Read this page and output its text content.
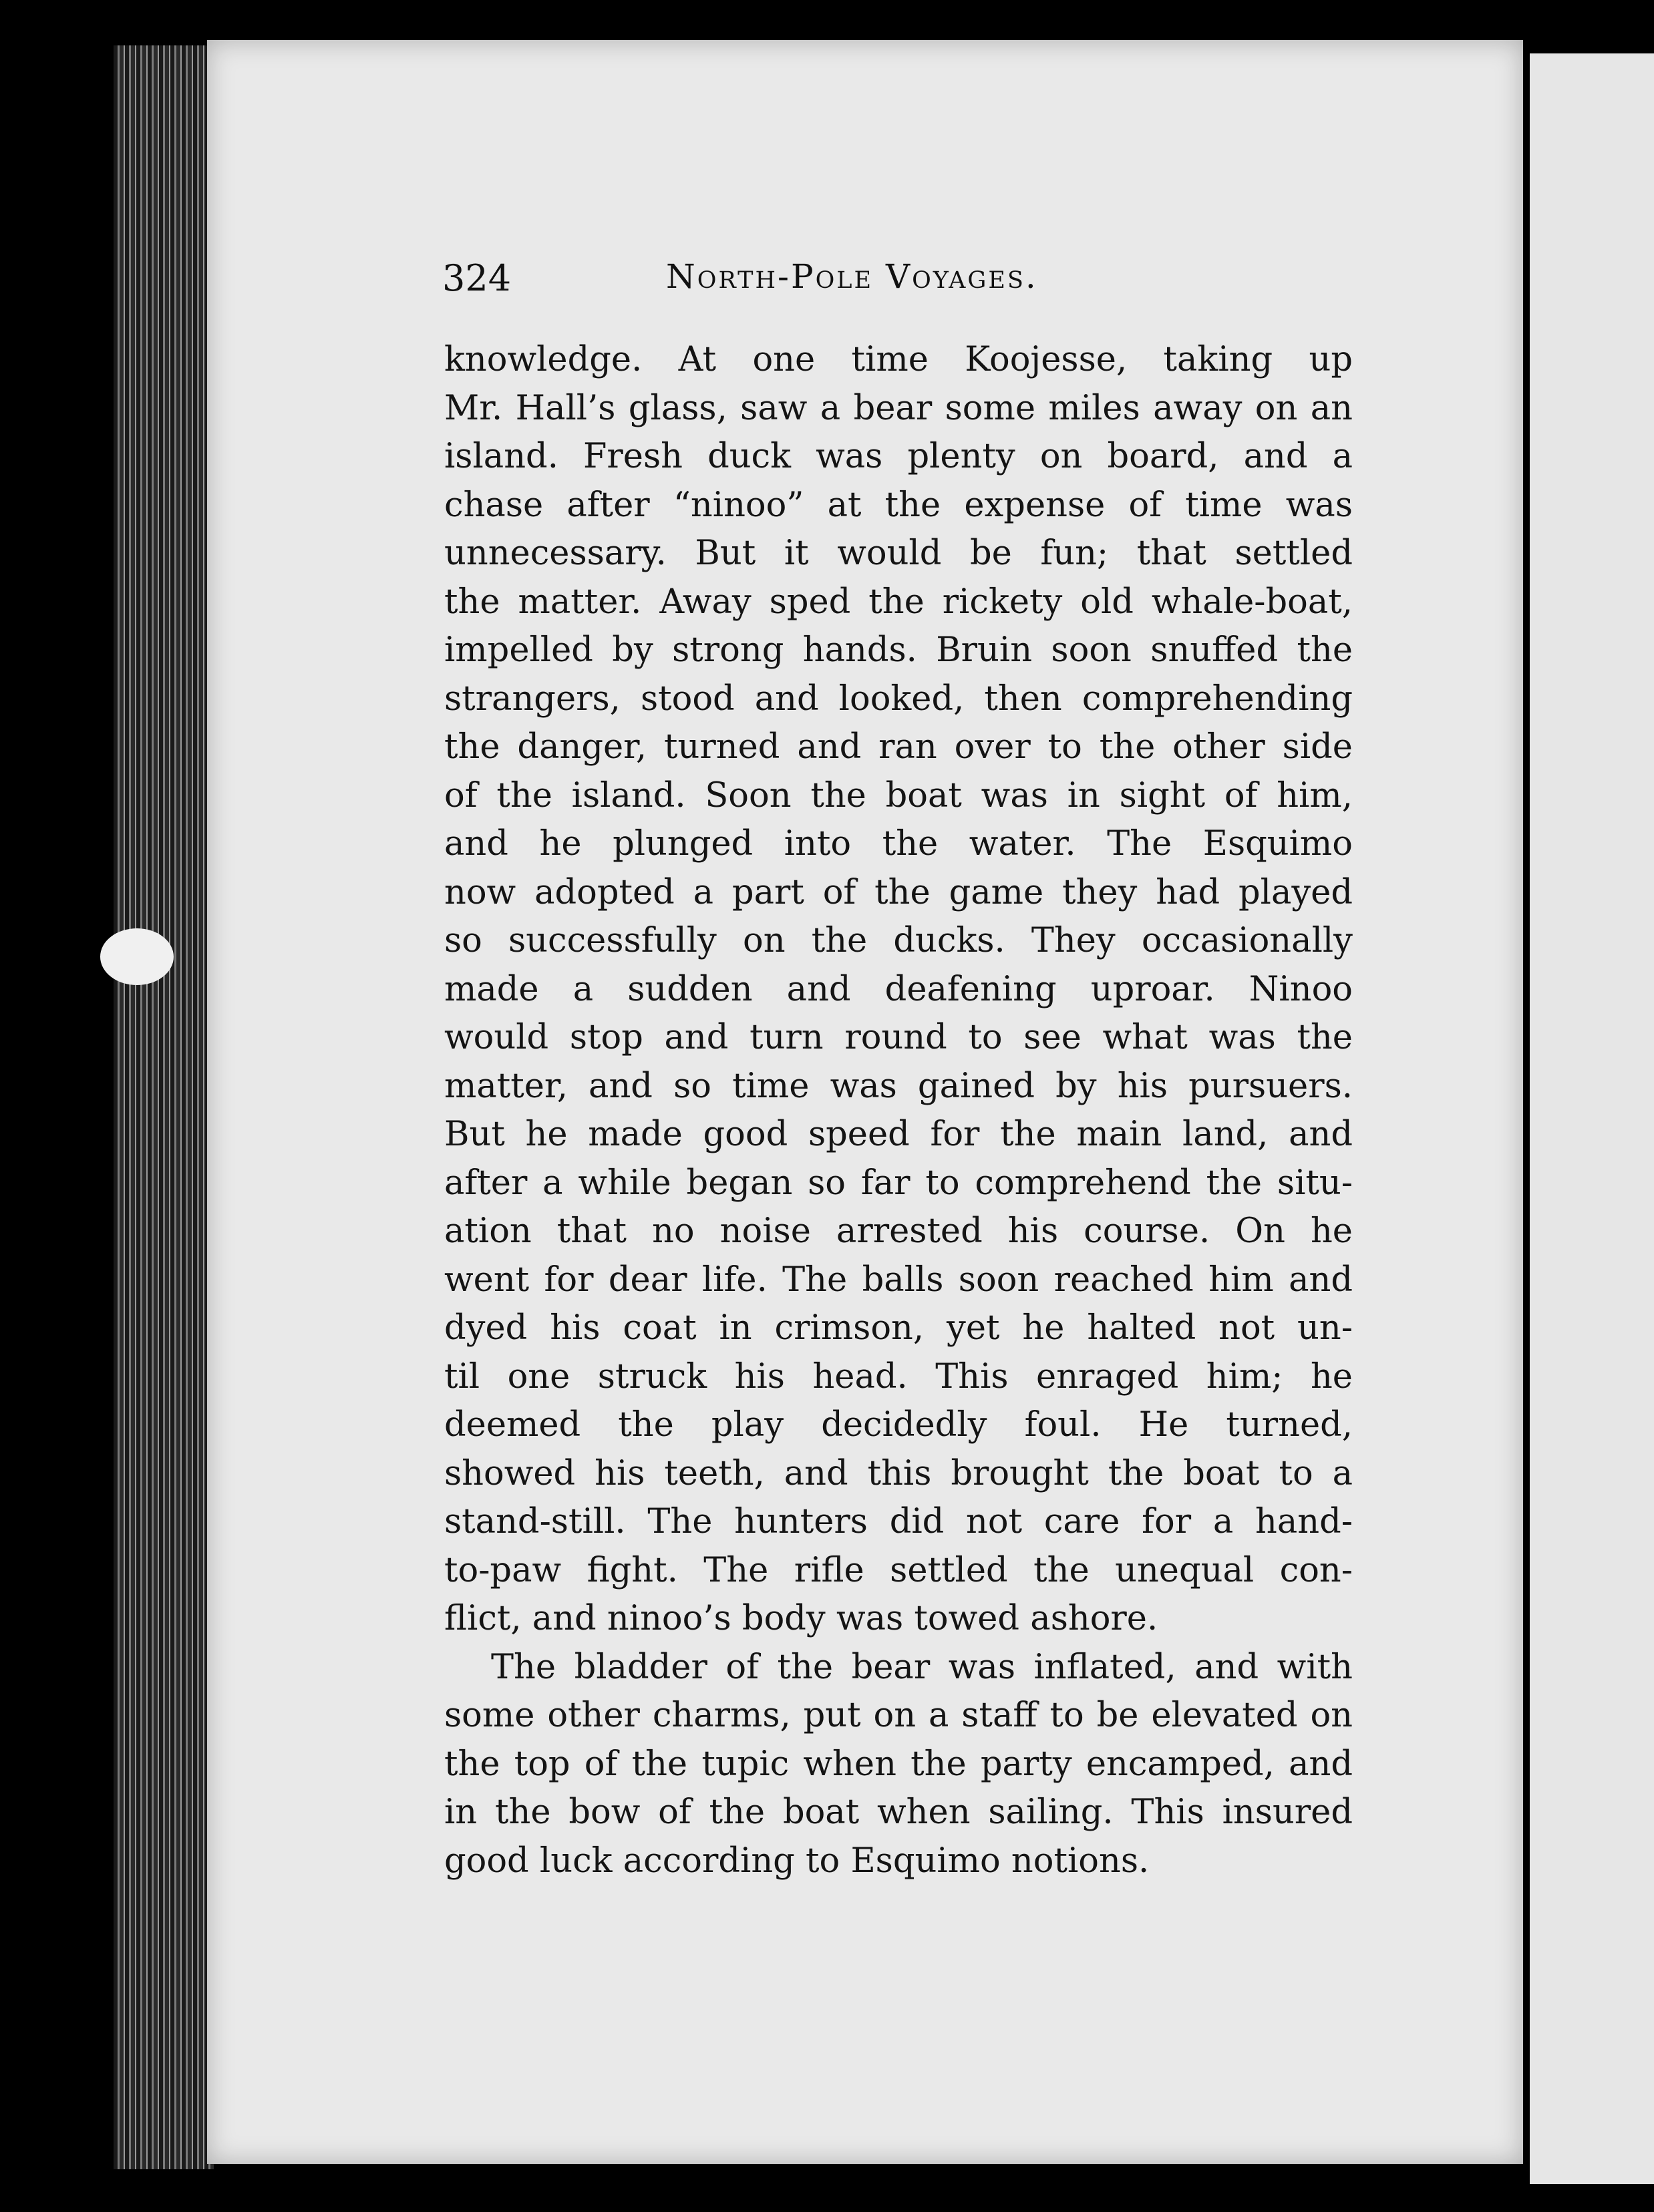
324	North-Pole Voyages.
knowledge. At one time Koojesse, taking up
Mr. Hall’s glass, saw a bear some miles away on an
island. Fresh duck was plenty on board, and a
chase after “ninoo” at the expense of time was
unnecessary. But it would be fun; that settled
the matter. Away sped the rickety old whale-boat,
impelled by strong hands. Bruin soon snuffed the
strangers, stood and looked, then comprehending
the danger, turned and ran over to the other side
of the island. Soon the boat was in sight of him,
and he plunged into the water. The Esquimo
now adopted a part of the game they had played
so successfully on the ducks. They occasionally
made a sudden and deafening uproar. Ninoo
would stop and turn round to see what was the
matter, and so time was gained by his pursuers.
But he made good speed for the main land, and
after a while began so far to comprehend the situ-
ation that no noise arrested his course. On he
went for dear life. The balls soon reached him and
dyed his coat in crimson, yet he halted not un-
til one struck his head. This enraged him; he
deemed the play decidedly foul. He turned,
showed his teeth, and this brought the boat to a
stand-still. The hunters did not care for a hand-
to-paw fight. The rifle settled the unequal con-
flict, and ninoo’s body was towed ashore.
The bladder of the bear was inflated, and with
some other charms, put on a staff to be elevated on
the top of the tupic when the party encamped, and
in the bow of the boat when sailing. This insured
good luck according to Esquimo notions.
